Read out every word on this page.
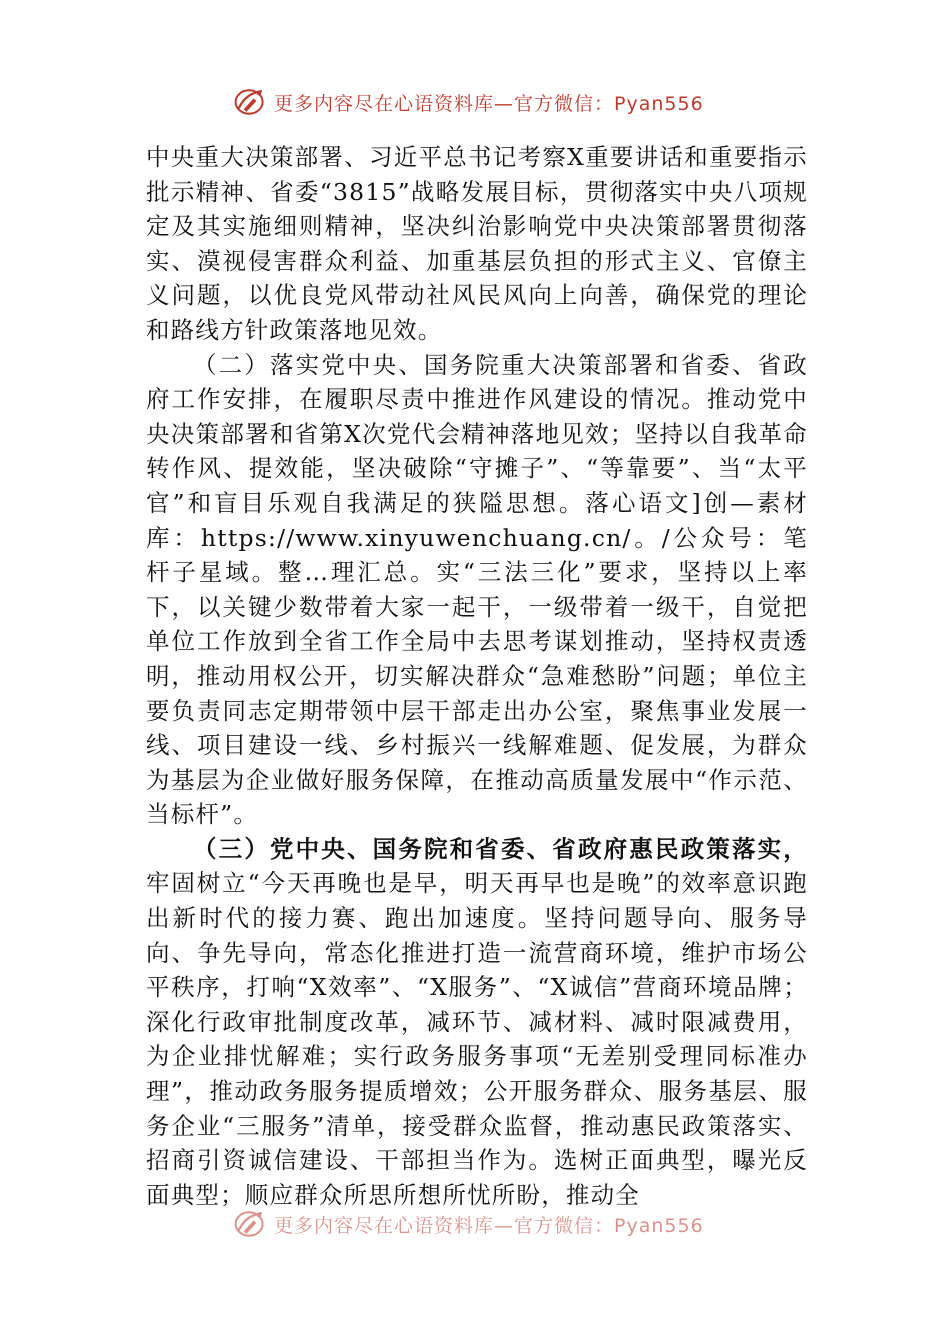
更多内容尽在心语资料库—官方微信：Pyan556

中央重大决策部署、习近平总书记考察X重要讲话和重要指示批示精神、省委“3815”战略发展目标，贯彻落实中央八项规定及其实施细则精神，坚决纠治影响党中央决策部署贯彻落实、漠视侵害群众利益、加重基层负担的形式主义、官僚主义问题，以优良党风带动社风民风向上向善，确保党的理论和路线方针政策落地见效。

（二）落实党中央、国务院重大决策部署和省委、省政府工作安排，在履职尽责中推进作风建设的情况。推动党中央决策部署和省第X次党代会精神落地见效；坚持以自我革命转作风、提效能，坚决破除“守摊子”、“等靠要”、当“太平官”和盲目乐观自我满足的狭隘思想。落心语文]创—素材库：https://www.xinyuwenchuang.cn/。/公众号：笔杆子星域。整…理汇总。实“三法三化”要求，坚持以上率下，以关键少数带着大家一起干，一级带着一级干，自觉把单位工作放到全省工作全局中去思考谋划推动，坚持权责透明，推动用权公开，切实解决群众“急难愁盼”问题；单位主要负责同志定期带领中层干部走出办公室，聚焦事业发展一线、项目建设一线、乡村振兴一线解难题、促发展，为群众为基层为企业做好服务保障，在推动高质量发展中“作示范、当标杆”。

（三）党中央、国务院和省委、省政府惠民政策落实，牢固树立“今天再晚也是早，明天再早也是晚”的效率意识跑出新时代的接力赛、跑出加速度。坚持问题导向、服务导向、争先导向，常态化推进打造一流营商环境，维护市场公平秩序，打响“X效率”、“X服务”、“X诚信”营商环境品牌；深化行政审批制度改革，减环节、减材料、减时限减费用，为企业排忧解难；实行政务服务事项“无差别受理同标准办理”，推动政务服务提质增效；公开服务群众、服务基层、服务企业“三服务”清单，接受群众监督，推动惠民政策落实、招商引资诚信建设、干部担当作为。选树正面典型，曝光反面典型；顺应群众所思所想所忧所盼，推动全

更多内容尽在心语资料库—官方微信：Pyan556
